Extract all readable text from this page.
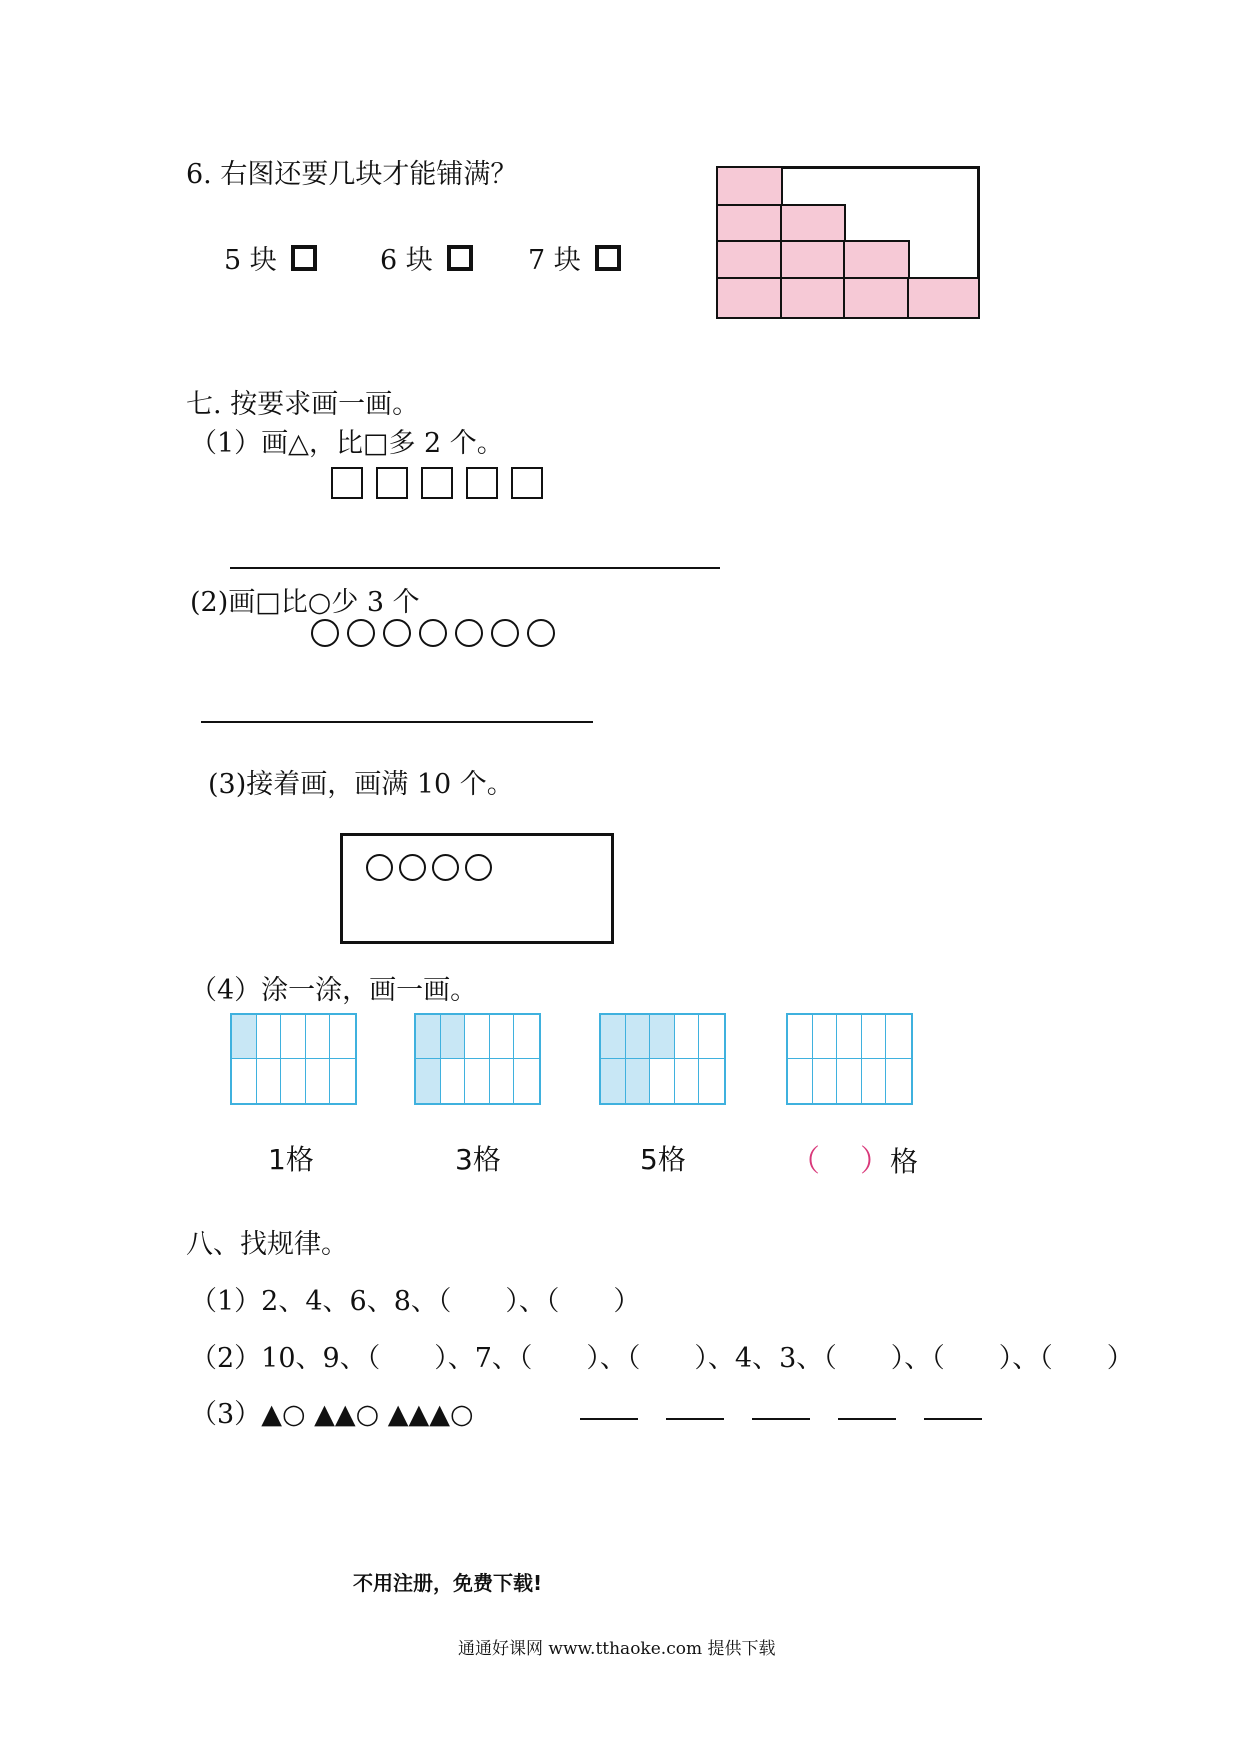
6. 右图还要几块才能铺满？
5 块	6 块	7 块
七. 按要求画一画。
（1）画△，比□多 2 个。
(2)画□比○少 3 个
(3)接着画，画满 10 个。
（4）涂一涂，画一画。
1格	3格	5格	（ ）格
八、找规律。
（1）2、4、6、8、（　　）、（　　）
（2）10、9、（　　）、7、（　　）、（　　）、4、3、（　　）、（　　）、（　　）
（3）▲○ ▲▲○ ▲▲▲○
不用注册，免费下载!
通通好课网 www.tthaoke.com 提供下载
